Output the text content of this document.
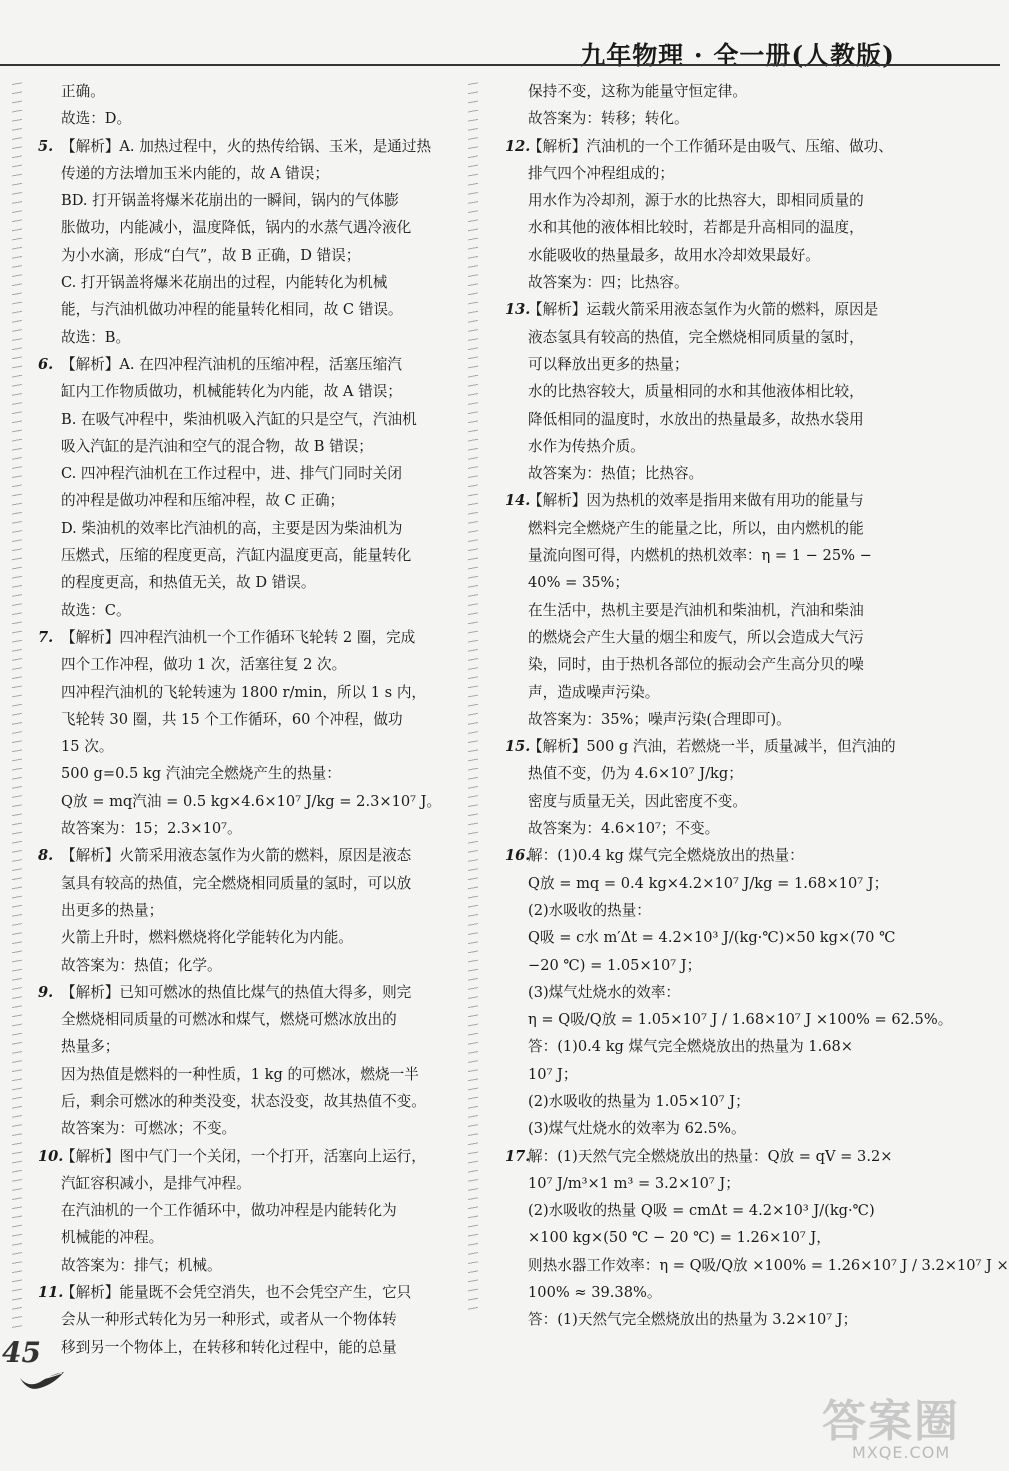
九年物理 · 全一册(人教版)
正确。
故选：D。
5. 【解析】A. 加热过程中，火的热传给锅、玉米，是通过热
传递的方法增加玉米内能的，故 A 错误；
BD. 打开锅盖将爆米花崩出的一瞬间，锅内的气体膨
胀做功，内能减小，温度降低，锅内的水蒸气遇冷液化
为小水滴，形成“白气”，故 B 正确，D 错误；
C. 打开锅盖将爆米花崩出的过程，内能转化为机械
能，与汽油机做功冲程的能量转化相同，故 C 错误。
故选：B。
6. 【解析】A. 在四冲程汽油机的压缩冲程，活塞压缩汽
缸内工作物质做功，机械能转化为内能，故 A 错误；
B. 在吸气冲程中，柴油机吸入汽缸的只是空气，汽油机
吸入汽缸的是汽油和空气的混合物，故 B 错误；
C. 四冲程汽油机在工作过程中，进、排气门同时关闭
的冲程是做功冲程和压缩冲程，故 C 正确；
D. 柴油机的效率比汽油机的高，主要是因为柴油机为
压燃式，压缩的程度更高，汽缸内温度更高，能量转化
的程度更高，和热值无关，故 D 错误。
故选：C。
7. 【解析】四冲程汽油机一个工作循环飞轮转 2 圈，完成
四个工作冲程，做功 1 次，活塞往复 2 次。
四冲程汽油机的飞轮转速为 1800 r/min，所以 1 s 内，
飞轮转 30 圈，共 15 个工作循环，60 个冲程，做功
15 次。
500 g=0.5 kg 汽油完全燃烧产生的热量：
Q放 = mq汽油 = 0.5 kg×4.6×10⁷ J/kg = 2.3×10⁷ J。
故答案为：15；2.3×10⁷。
8. 【解析】火箭采用液态氢作为火箭的燃料，原因是液态
氢具有较高的热值，完全燃烧相同质量的氢时，可以放
出更多的热量；
火箭上升时，燃料燃烧将化学能转化为内能。
故答案为：热值；化学。
9. 【解析】已知可燃冰的热值比煤气的热值大得多，则完
全燃烧相同质量的可燃冰和煤气，燃烧可燃冰放出的
热量多；
因为热值是燃料的一种性质，1 kg 的可燃冰，燃烧一半
后，剩余可燃冰的种类没变，状态没变，故其热值不变。
故答案为：可燃冰；不变。
10.【解析】图中气门一个关闭，一个打开，活塞向上运行，
汽缸容积减小，是排气冲程。
在汽油机的一个工作循环中，做功冲程是内能转化为
机械能的冲程。
故答案为：排气；机械。
11.【解析】能量既不会凭空消失，也不会凭空产生，它只
会从一种形式转化为另一种形式，或者从一个物体转
移到另一个物体上，在转移和转化过程中，能的总量
保持不变，这称为能量守恒定律。
故答案为：转移；转化。
12.【解析】汽油机的一个工作循环是由吸气、压缩、做功、
排气四个冲程组成的；
用水作为冷却剂，源于水的比热容大，即相同质量的
水和其他的液体相比较时，若都是升高相同的温度，
水能吸收的热量最多，故用水冷却效果最好。
故答案为：四；比热容。
13.【解析】运载火箭采用液态氢作为火箭的燃料，原因是
液态氢具有较高的热值，完全燃烧相同质量的氢时，
可以释放出更多的热量；
水的比热容较大，质量相同的水和其他液体相比较，
降低相同的温度时，水放出的热量最多，故热水袋用
水作为传热介质。
故答案为：热值；比热容。
14.【解析】因为热机的效率是指用来做有用功的能量与
燃料完全燃烧产生的能量之比，所以，由内燃机的能
量流向图可得，内燃机的热机效率：η = 1 − 25% −
40% = 35%；
在生活中，热机主要是汽油机和柴油机，汽油和柴油
的燃烧会产生大量的烟尘和废气，所以会造成大气污
染，同时，由于热机各部位的振动会产生高分贝的噪
声，造成噪声污染。
故答案为：35%；噪声污染(合理即可)。
15.【解析】500 g 汽油，若燃烧一半，质量减半，但汽油的
热值不变，仍为 4.6×10⁷ J/kg；
密度与质量无关，因此密度不变。
故答案为：4.6×10⁷；不变。
16.解：(1)0.4 kg 煤气完全燃烧放出的热量：
Q放 = mq = 0.4 kg×4.2×10⁷ J/kg = 1.68×10⁷ J；
(2)水吸收的热量：
Q吸 = c水 m′Δt = 4.2×10³ J/(kg·℃)×50 kg×(70 ℃
−20 ℃) = 1.05×10⁷ J；
(3)煤气灶烧水的效率：
η = Q吸/Q放 = 1.05×10⁷ J / 1.68×10⁷ J ×100% = 62.5%。
答：(1)0.4 kg 煤气完全燃烧放出的热量为 1.68×
10⁷ J；
(2)水吸收的热量为 1.05×10⁷ J；
(3)煤气灶烧水的效率为 62.5%。
17.解：(1)天然气完全燃烧放出的热量：Q放 = qV = 3.2×
10⁷ J/m³×1 m³ = 3.2×10⁷ J；
(2)水吸收的热量 Q吸 = cmΔt = 4.2×10³ J/(kg·℃)
×100 kg×(50 ℃ − 20 ℃) = 1.26×10⁷ J，
则热水器工作效率：η = Q吸/Q放 ×100% = 1.26×10⁷ J / 3.2×10⁷ J ×
100% ≈ 39.38%。
答：(1)天然气完全燃烧放出的热量为 3.2×10⁷ J；
45
答案圈
MXQE.COM
